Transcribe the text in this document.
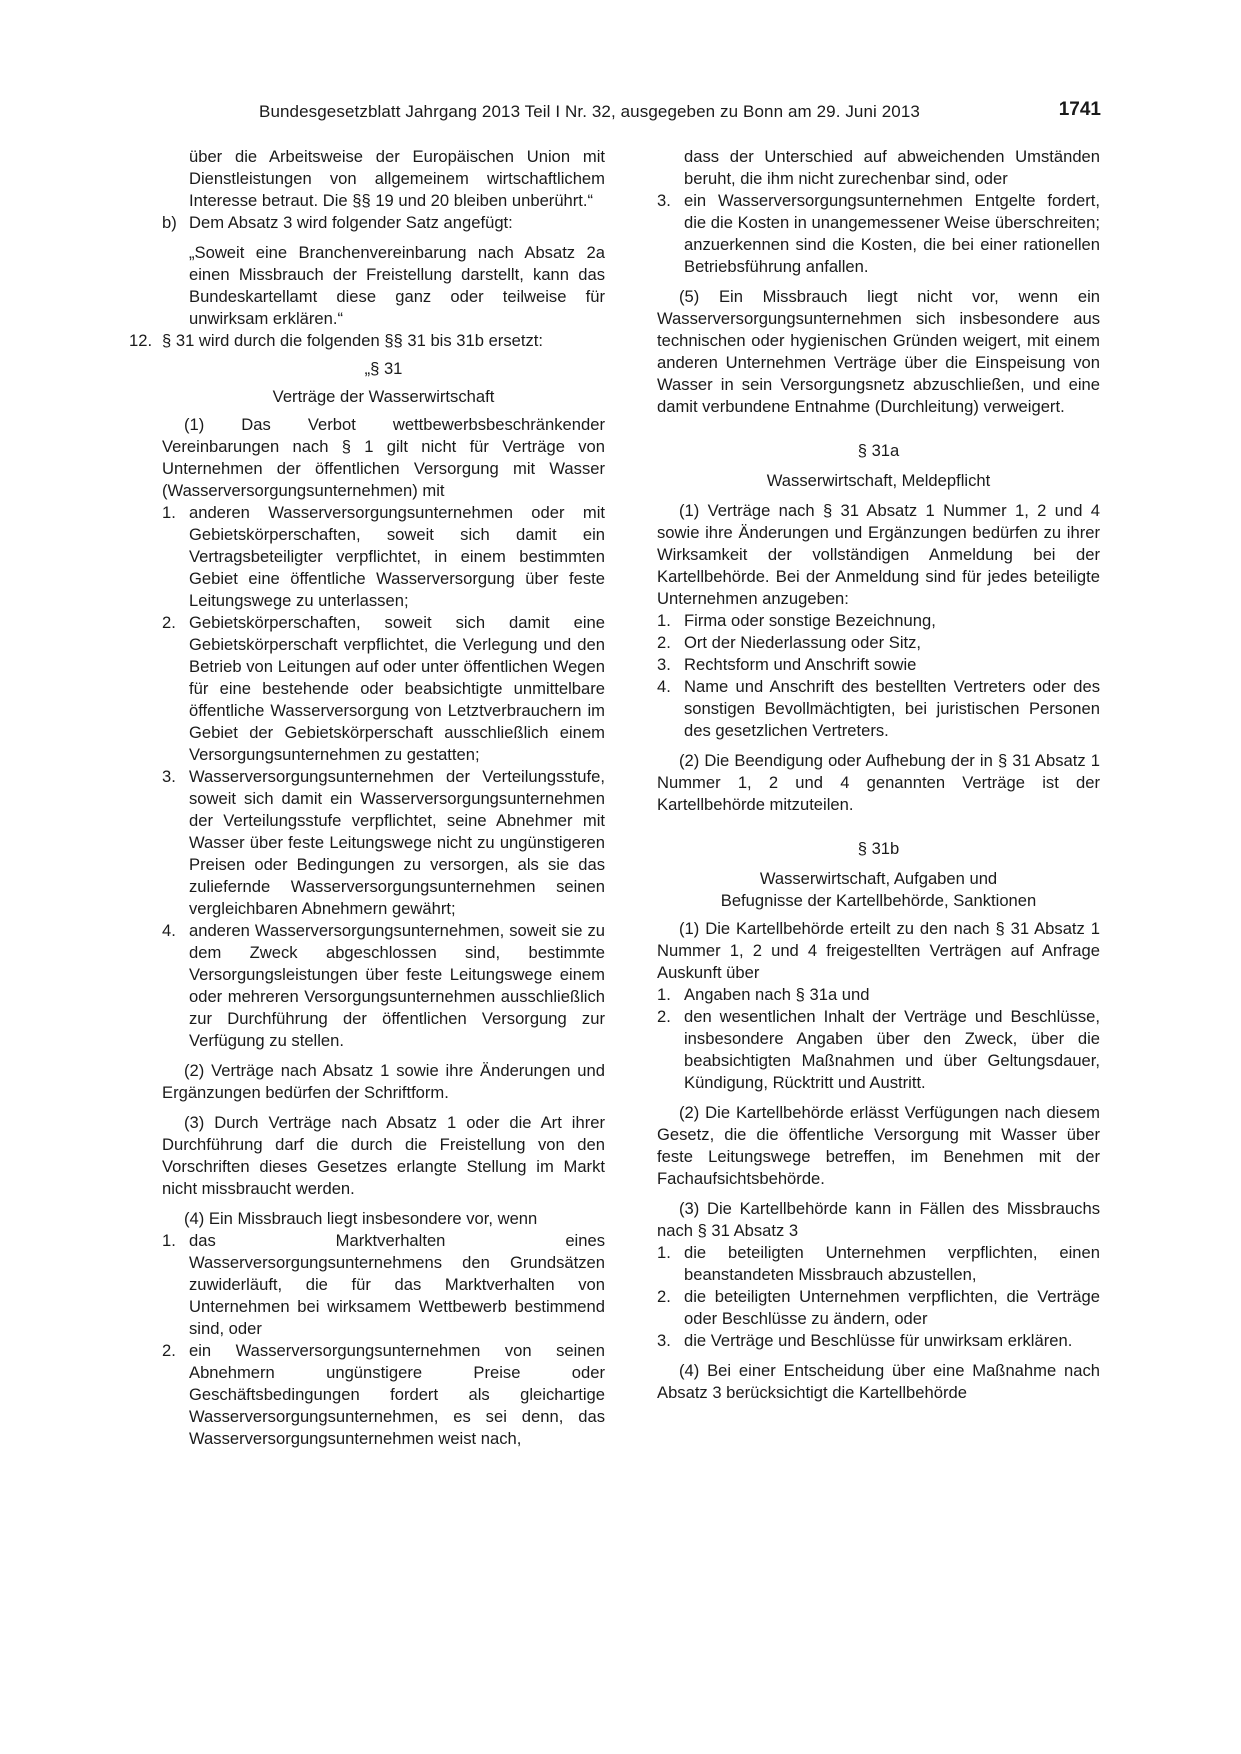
Bundesgesetzblatt Jahrgang 2013 Teil I Nr. 32, ausgegeben zu Bonn am 29. Juni 2013	1741

über die Arbeitsweise der Europäischen Union mit Dienstleistungen von allgemeinem wirtschaftlichem Interesse betraut. Die §§ 19 und 20 bleiben unberührt.“

b) Dem Absatz 3 wird folgender Satz angefügt:

„Soweit eine Branchenvereinbarung nach Absatz 2a einen Missbrauch der Freistellung darstellt, kann das Bundeskartellamt diese ganz oder teilweise für unwirksam erklären.“

12. § 31 wird durch die folgenden §§ 31 bis 31b ersetzt:

„§ 31

Verträge der Wasserwirtschaft

(1) Das Verbot wettbewerbsbeschränkender Vereinbarungen nach § 1 gilt nicht für Verträge von Unternehmen der öffentlichen Versorgung mit Wasser (Wasserversorgungsunternehmen) mit

1. anderen Wasserversorgungsunternehmen oder mit Gebietskörperschaften, soweit sich damit ein Vertragsbeteiligter verpflichtet, in einem bestimmten Gebiet eine öffentliche Wasserversorgung über feste Leitungswege zu unterlassen;

2. Gebietskörperschaften, soweit sich damit eine Gebietskörperschaft verpflichtet, die Verlegung und den Betrieb von Leitungen auf oder unter öffentlichen Wegen für eine bestehende oder beabsichtigte unmittelbare öffentliche Wasserversorgung von Letztverbrauchern im Gebiet der Gebietskörperschaft ausschließlich einem Versorgungsunternehmen zu gestatten;

3. Wasserversorgungsunternehmen der Verteilungsstufe, soweit sich damit ein Wasserversorgungsunternehmen der Verteilungsstufe verpflichtet, seine Abnehmer mit Wasser über feste Leitungswege nicht zu ungünstigeren Preisen oder Bedingungen zu versorgen, als sie das zuliefernde Wasserversorgungsunternehmen seinen vergleichbaren Abnehmern gewährt;

4. anderen Wasserversorgungsunternehmen, soweit sie zu dem Zweck abgeschlossen sind, bestimmte Versorgungsleistungen über feste Leitungswege einem oder mehreren Versorgungsunternehmen ausschließlich zur Durchführung der öffentlichen Versorgung zur Verfügung zu stellen.

(2) Verträge nach Absatz 1 sowie ihre Änderungen und Ergänzungen bedürfen der Schriftform.

(3) Durch Verträge nach Absatz 1 oder die Art ihrer Durchführung darf die durch die Freistellung von den Vorschriften dieses Gesetzes erlangte Stellung im Markt nicht missbraucht werden.

(4) Ein Missbrauch liegt insbesondere vor, wenn

1. das Marktverhalten eines Wasserversorgungsunternehmens den Grundsätzen zuwiderläuft, die für das Marktverhalten von Unternehmen bei wirksamem Wettbewerb bestimmend sind, oder

2. ein Wasserversorgungsunternehmen von seinen Abnehmern ungünstigere Preise oder Geschäftsbedingungen fordert als gleichartige Wasserversorgungsunternehmen, es sei denn, das Wasserversorgungsunternehmen weist nach,

dass der Unterschied auf abweichenden Umständen beruht, die ihm nicht zurechenbar sind, oder

3. ein Wasserversorgungsunternehmen Entgelte fordert, die die Kosten in unangemessener Weise überschreiten; anzuerkennen sind die Kosten, die bei einer rationellen Betriebsführung anfallen.

(5) Ein Missbrauch liegt nicht vor, wenn ein Wasserversorgungsunternehmen sich insbesondere aus technischen oder hygienischen Gründen weigert, mit einem anderen Unternehmen Verträge über die Einspeisung von Wasser in sein Versorgungsnetz abzuschließen, und eine damit verbundene Entnahme (Durchleitung) verweigert.

§ 31a

Wasserwirtschaft, Meldepflicht

(1) Verträge nach § 31 Absatz 1 Nummer 1, 2 und 4 sowie ihre Änderungen und Ergänzungen bedürfen zu ihrer Wirksamkeit der vollständigen Anmeldung bei der Kartellbehörde. Bei der Anmeldung sind für jedes beteiligte Unternehmen anzugeben:

1. Firma oder sonstige Bezeichnung,

2. Ort der Niederlassung oder Sitz,

3. Rechtsform und Anschrift sowie

4. Name und Anschrift des bestellten Vertreters oder des sonstigen Bevollmächtigten, bei juristischen Personen des gesetzlichen Vertreters.

(2) Die Beendigung oder Aufhebung der in § 31 Absatz 1 Nummer 1, 2 und 4 genannten Verträge ist der Kartellbehörde mitzuteilen.

§ 31b

Wasserwirtschaft, Aufgaben und

Befugnisse der Kartellbehörde, Sanktionen

(1) Die Kartellbehörde erteilt zu den nach § 31 Absatz 1 Nummer 1, 2 und 4 freigestellten Verträgen auf Anfrage Auskunft über

1. Angaben nach § 31a und

2. den wesentlichen Inhalt der Verträge und Beschlüsse, insbesondere Angaben über den Zweck, über die beabsichtigten Maßnahmen und über Geltungsdauer, Kündigung, Rücktritt und Austritt.

(2) Die Kartellbehörde erlässt Verfügungen nach diesem Gesetz, die die öffentliche Versorgung mit Wasser über feste Leitungswege betreffen, im Benehmen mit der Fachaufsichtsbehörde.

(3) Die Kartellbehörde kann in Fällen des Missbrauchs nach § 31 Absatz 3

1. die beteiligten Unternehmen verpflichten, einen beanstandeten Missbrauch abzustellen,

2. die beteiligten Unternehmen verpflichten, die Verträge oder Beschlüsse zu ändern, oder

3. die Verträge und Beschlüsse für unwirksam erklären.

(4) Bei einer Entscheidung über eine Maßnahme nach Absatz 3 berücksichtigt die Kartellbehörde
